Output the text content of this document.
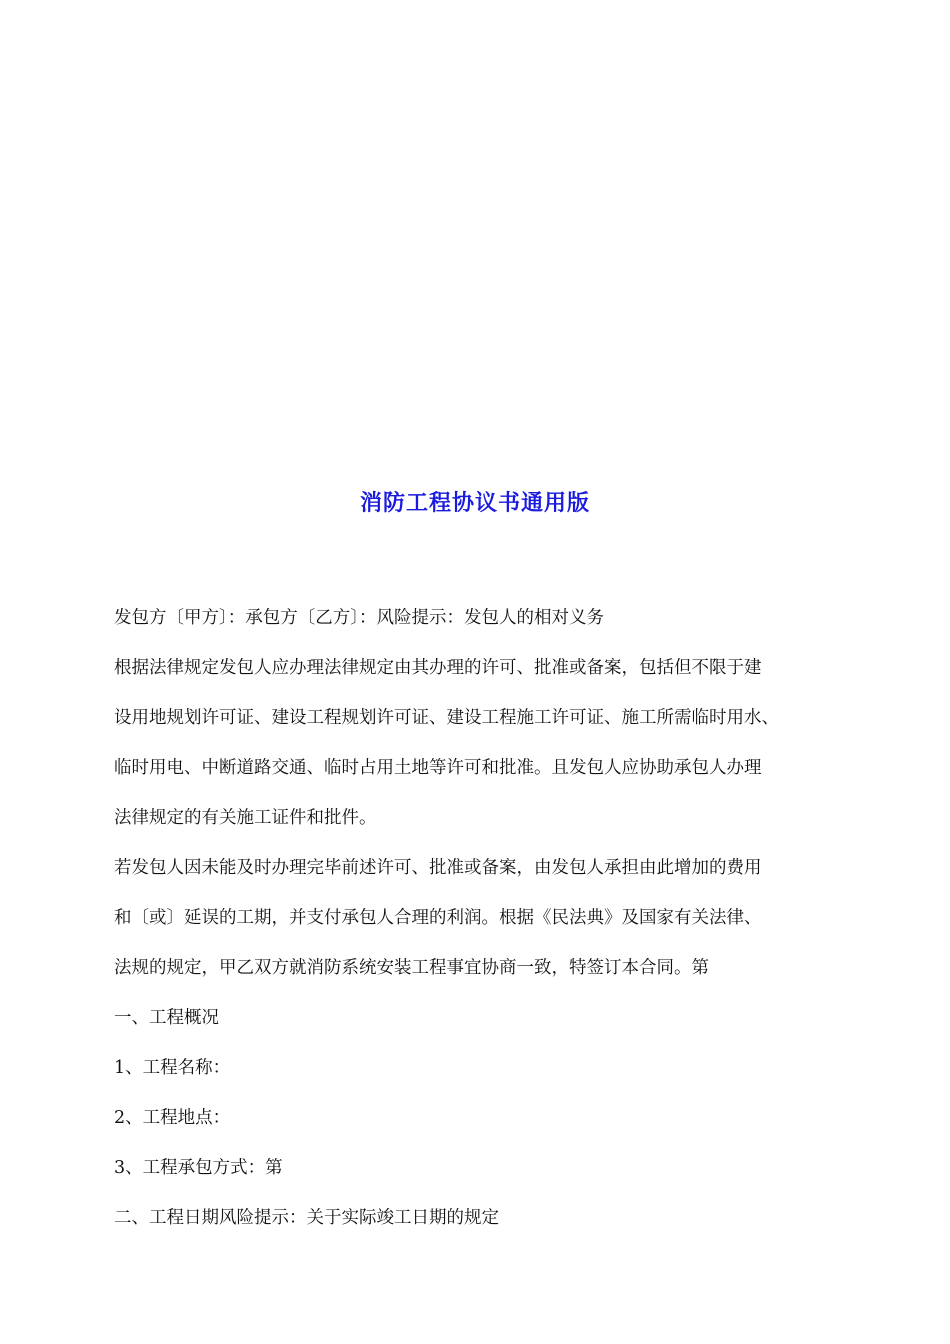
消防工程协议书通用版
发包方〔甲方〕：承包方〔乙方〕：风险提示：发包人的相对义务
根据法律规定发包人应办理法律规定由其办理的许可、批准或备案，包括但不限于建
设用地规划许可证、建设工程规划许可证、建设工程施工许可证、施工所需临时用水、
临时用电、中断道路交通、临时占用土地等许可和批准。且发包人应协助承包人办理
法律规定的有关施工证件和批件。
若发包人因未能及时办理完毕前述许可、批准或备案，由发包人承担由此增加的费用
和〔或〕延误的工期，并支付承包人合理的利润。根据《民法典》及国家有关法律、
法规的规定，甲乙双方就消防系统安装工程事宜协商一致，特签订本合同。第
一、工程概况
1、工程名称：
2、工程地点：
3、工程承包方式：第
二、工程日期风险提示：关于实际竣工日期的规定
